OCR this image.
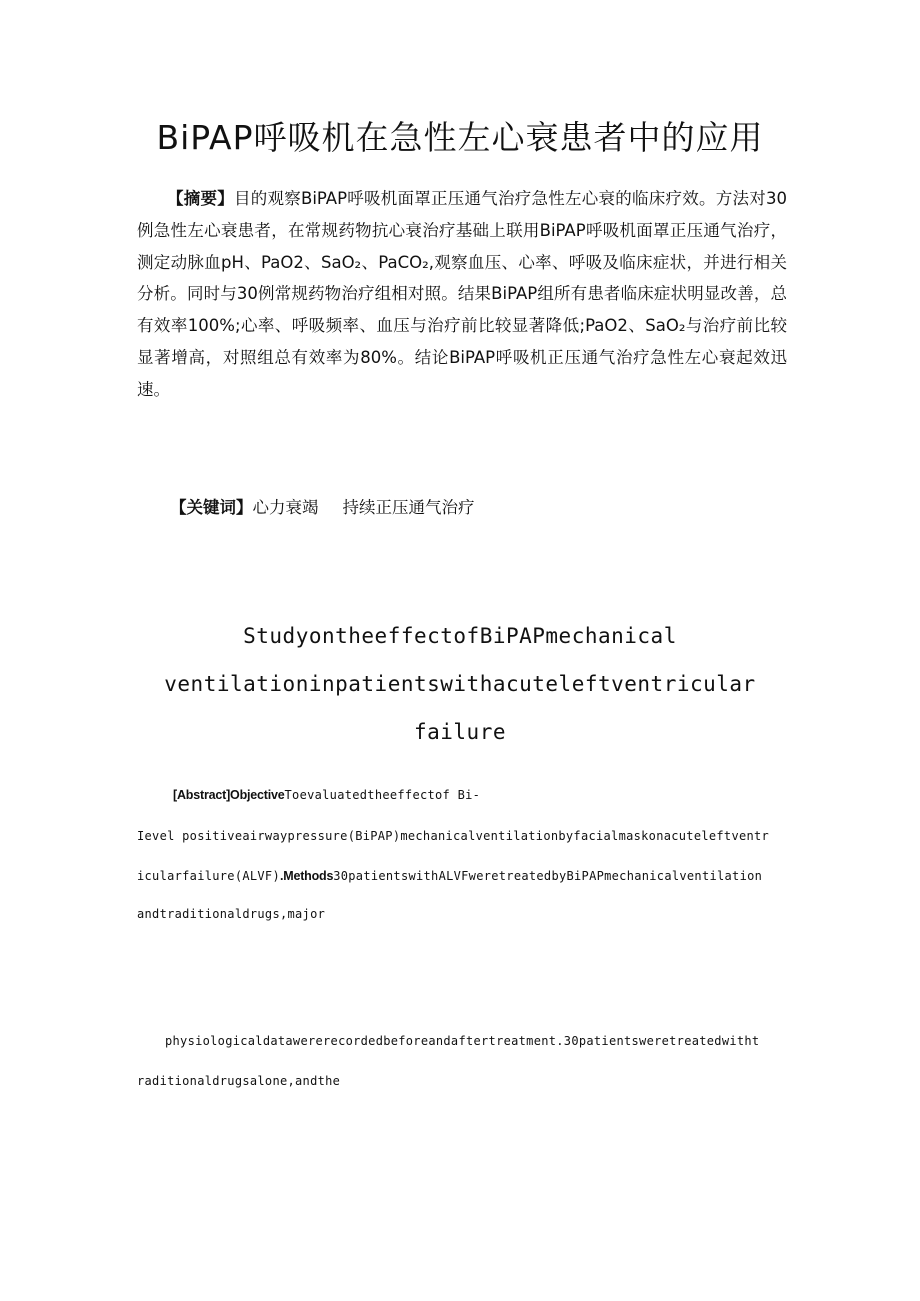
BiPAP呼吸机在急性左心衰患者中的应用
【摘要】目的观察BiPAP呼吸机面罩正压通气治疗急性左心衰的临床疗效。方法对30例急性左心衰患者，在常规药物抗心衰治疗基础上联用BiPAP呼吸机面罩正压通气治疗，测定动脉血pH、PaO2、SaO₂、PaCO₂,观察血压、心率、呼吸及临床症状，并进行相关分析。同时与30例常规药物治疗组相对照。结果BiPAP组所有患者临床症状明显改善，总有效率100%;心率、呼吸频率、血压与治疗前比较显著降低;PaO2、SaO₂与治疗前比较显著增高，对照组总有效率为80%。结论BiPAP呼吸机正压通气治疗急性左心衰起效迅速。
【关键词】心力衰竭 持续正压通气治疗
StudyontheeffectofBiPAPmechanical
ventilationinpatientswithacuteleftventricular
failure
[Abstract]ObjectiveToevaluatedtheeffectof Bi-
Ievel positiveairwaypressure(BiPAP)mechanicalventilationbyfacialmaskonacuteleftventr
icularfailure(ALVF).Methods30patientswithALVFweretreatedbyBiPAPmechanicalventilation
andtraditionaldrugs,major
physiologicaldatawererecordedbeforeandaftertreatment.30patientsweretreatedwitht
raditionaldrugsalone,andthe
